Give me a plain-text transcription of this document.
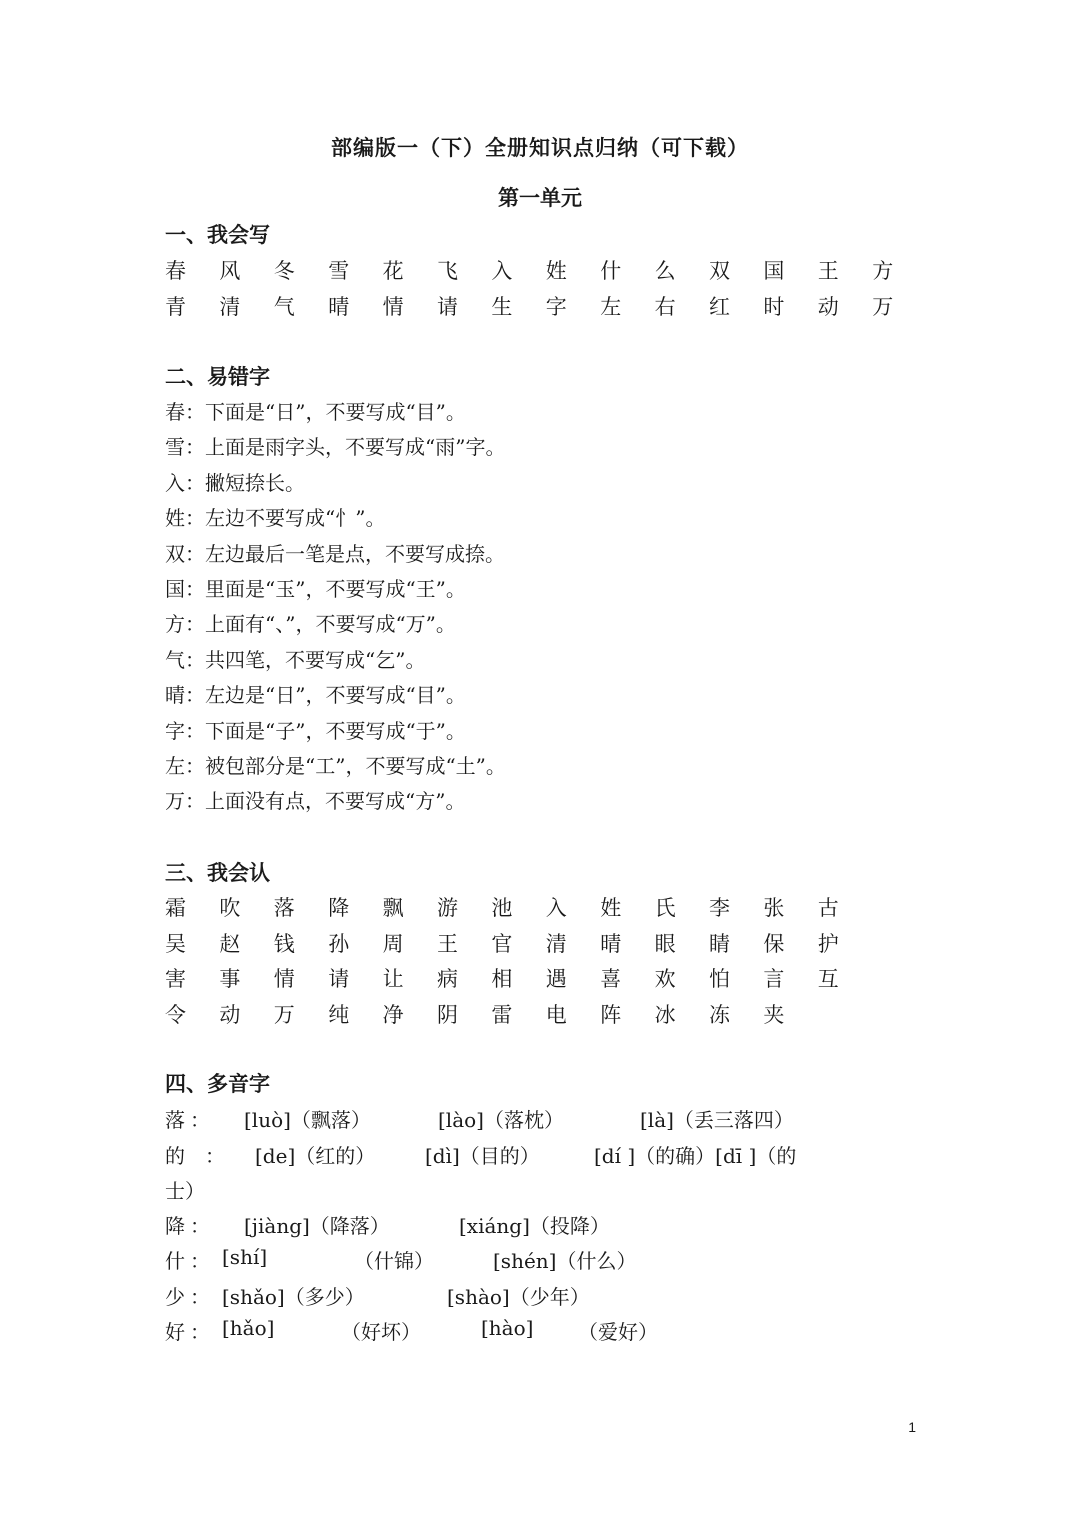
部编版一（下）全册知识点归纳（可下载）
第一单元
一、我会写
春	风	冬	雪	花	飞	入	姓	什	么	双	国	王	方
青	清	气	晴	情	请	生	字	左	右	红	时	动	万
二、易错字
春：下面是“日”，不要写成“目”。
雪：上面是雨字头，不要写成“雨”字。
入：撇短捺长。
姓：左边不要写成“忄”。
双：左边最后一笔是点，不要写成捺。
国：里面是“玉”，不要写成“王”。
方：上面有“、”，不要写成“万”。
气：共四笔，不要写成“乞”。
晴：左边是“日”，不要写成“目”。
字：下面是“子”，不要写成“于”。
左：被包部分是“工”，不要写成“土”。
万：上面没有点，不要写成“方”。
三、我会认
霜	吹	落	降	飘	游	池	入	姓	氏	李	张	古
吴	赵	钱	孙	周	王	官	清	晴	眼	睛	保	护
害	事	情	请	让	病	相	遇	喜	欢	怕	言	互
令	动	万	纯	净	阴	雷	电	阵	冰	冻	夹
四、多音字
落 ： [luò]（飘落）	[lào]（落枕）	[là]（丢三落四）
的 ： [de]（红的） [dì]（目的）	[dí ]（的确）[dī ]（的
士）
降 ： [jiàng]（降落）	[xiáng]（投降）
什 ： [shí]	（什锦）	[shén]（什么）
少 ： [shǎo]（多少）	[shào]（少年）
好 ： [hǎo]	（好坏）	[hào] （爱好）
1
